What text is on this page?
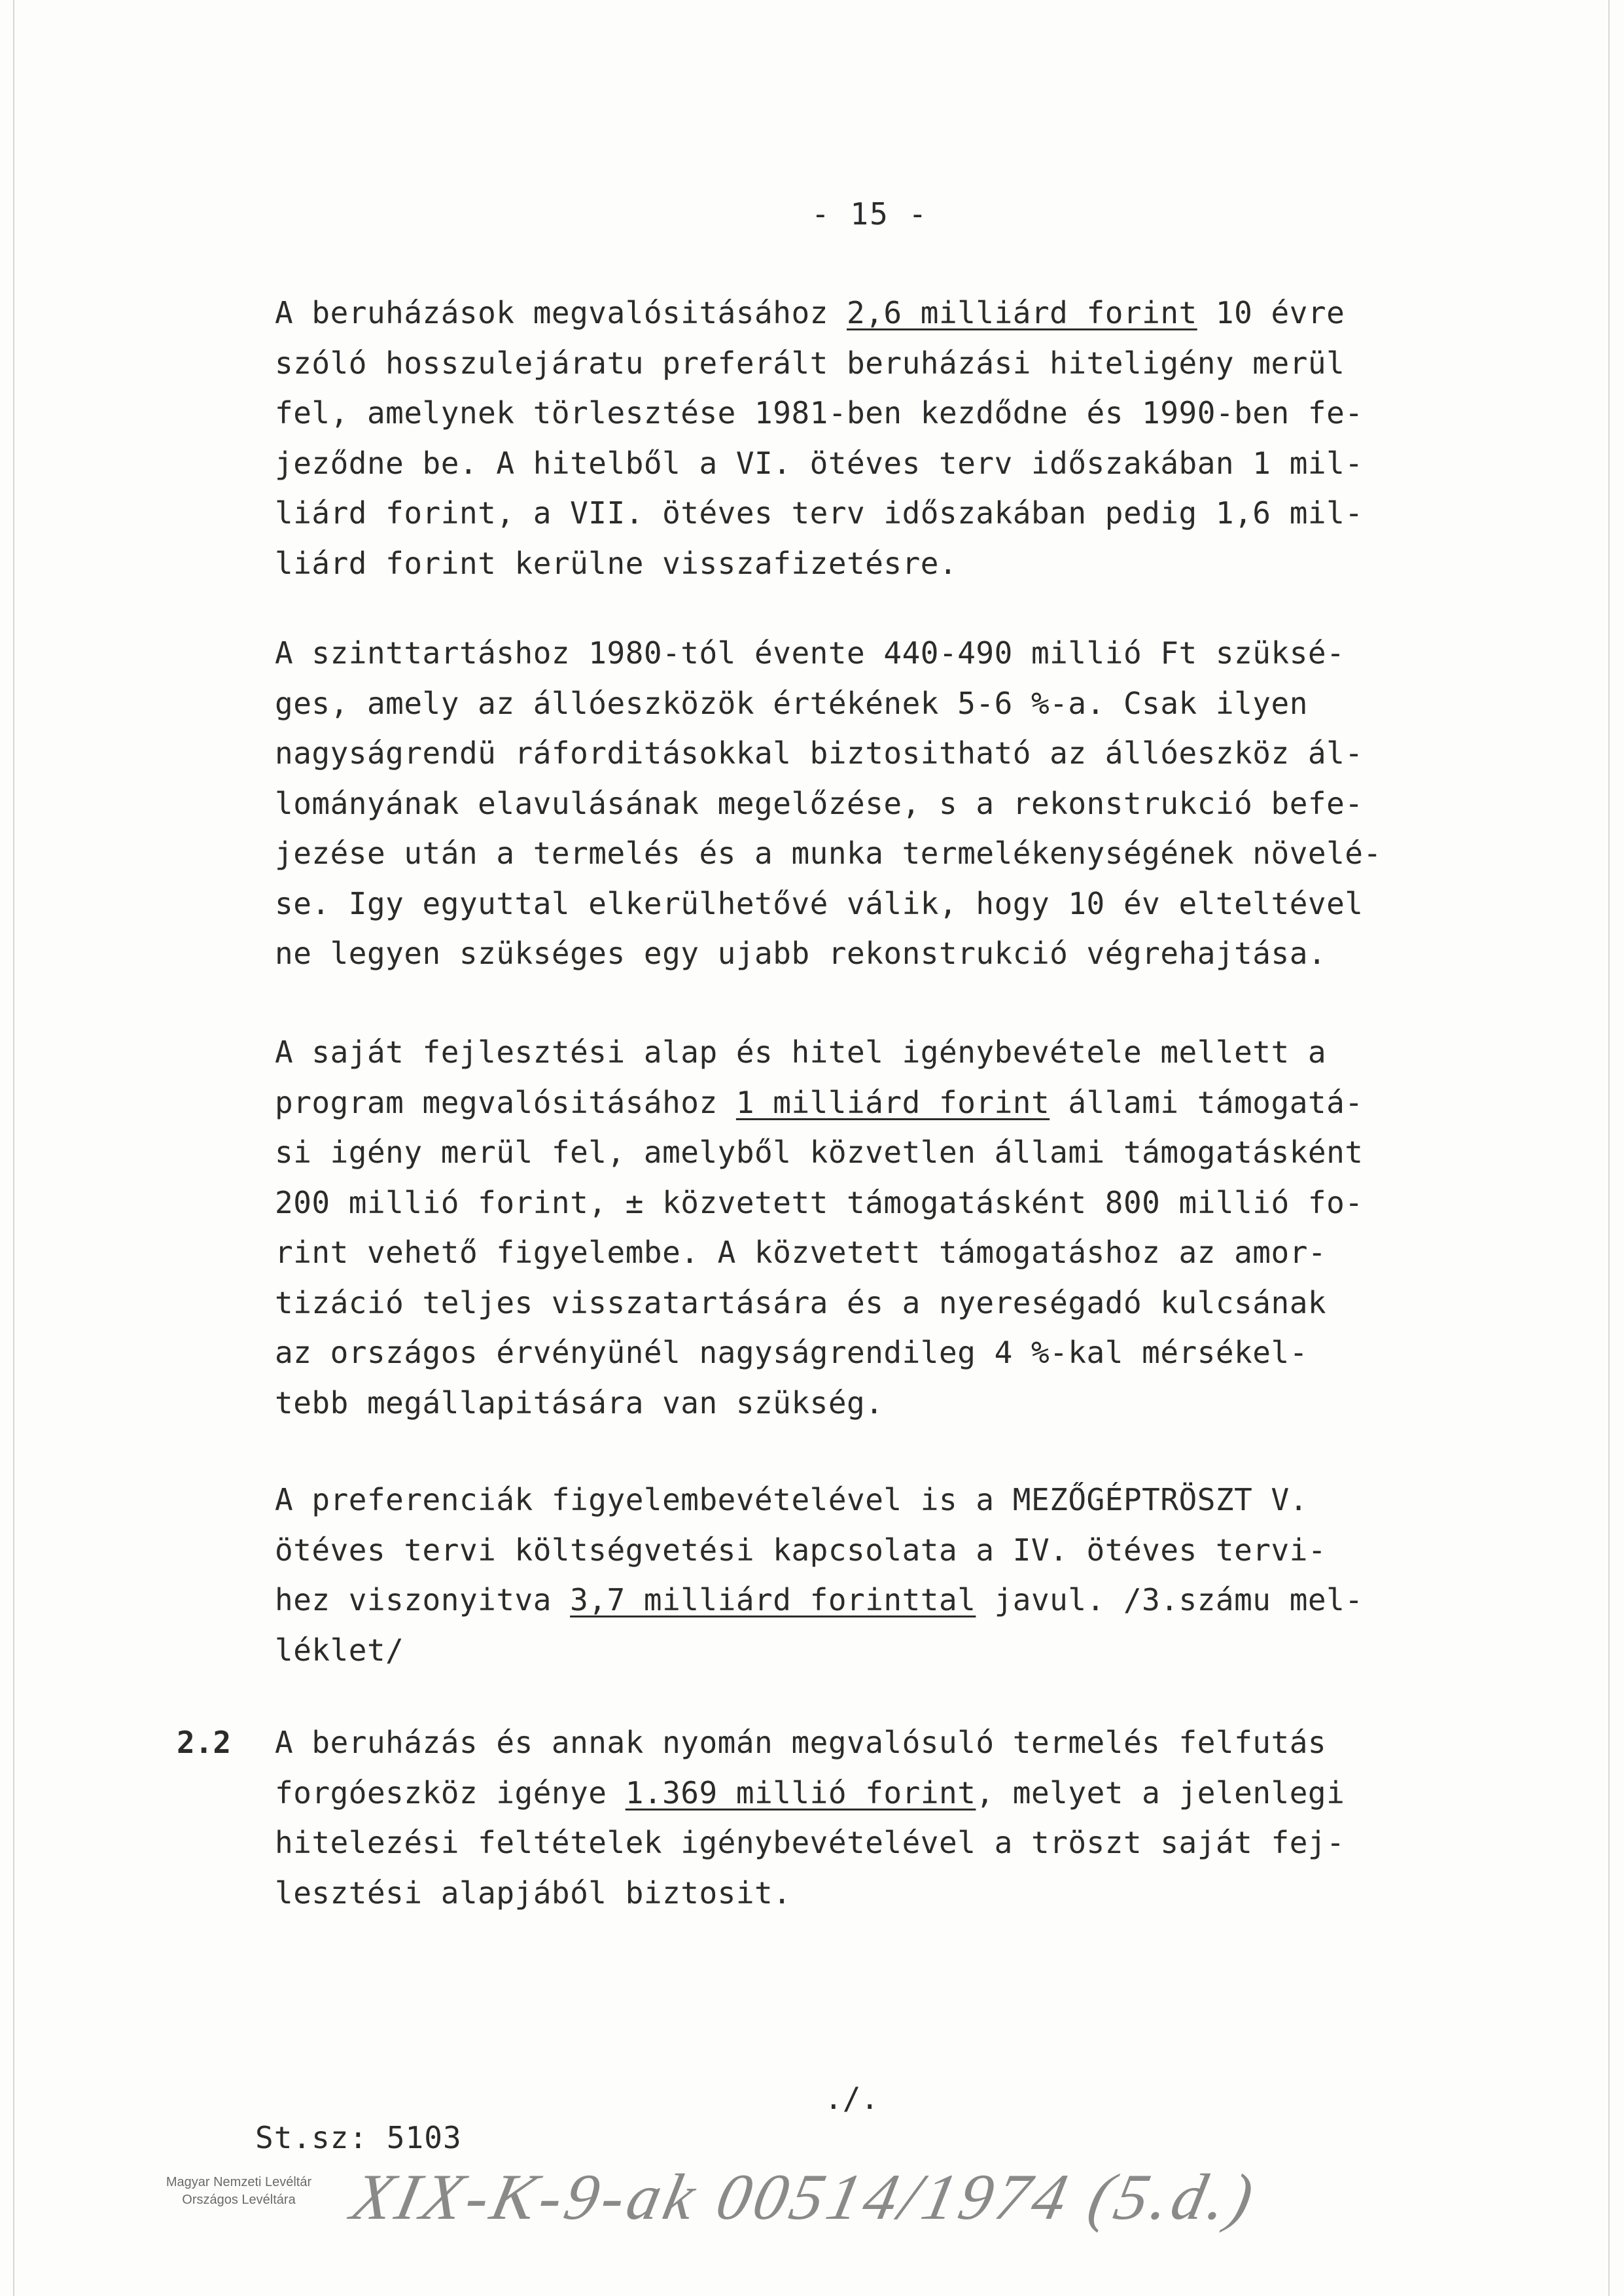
- 15 -
A beruházások megvalósitásához 2,6 milliárd forint 10 évre
szóló hosszulejáratu preferált beruházási hiteligény merül
fel, amelynek törlesztése 1981-ben kezdődne és 1990-ben fe-
jeződne be. A hitelből a VI. ötéves terv időszakában 1 mil-
liárd forint, a VII. ötéves terv időszakában pedig 1,6 mil-
liárd forint kerülne visszafizetésre.
A szinttartáshoz 1980-tól évente 440-490 millió Ft szüksé-
ges, amely az állóeszközök értékének 5-6 %-a. Csak ilyen
nagyságrendü ráforditásokkal biztositható az állóeszköz ál-
lományának elavulásának megelőzése, s a rekonstrukció befe-
jezése után a termelés és a munka termelékenységének növelé-
se. Igy egyuttal elkerülhetővé válik, hogy 10 év elteltével
ne legyen szükséges egy ujabb rekonstrukció végrehajtása.
A saját fejlesztési alap és hitel igénybevétele mellett a
program megvalósitásához 1 milliárd forint állami támogatá-
si igény merül fel, amelyből közvetlen állami támogatásként
200 millió forint, ± közvetett támogatásként 800 millió fo-
rint vehető figyelembe. A közvetett támogatáshoz az amor-
tizáció teljes visszatartására és a nyereségadó kulcsának
az országos érvényünél nagyságrendileg 4 %-kal mérsékel-
tebb megállapitására van szükség.
A preferenciák figyelembevételével is a MEZŐGÉPTRÖSZT V.
ötéves tervi költségvetési kapcsolata a IV. ötéves tervi-
hez viszonyitva 3,7 milliárd forinttal javul. /3.számu mel-
léklet/
2.2 A beruházás és annak nyomán megvalósuló termelés felfutás
forgóeszköz igénye 1.369 millió forint, melyet a jelenlegi
hitelezési feltételek igénybevételével a tröszt saját fej-
lesztési alapjából biztosit.
./.
St.sz: 5103
Magyar Nemzeti Levéltár
Országos Levéltára XIX-K-9-ak 00514/1974 (5.d.)
